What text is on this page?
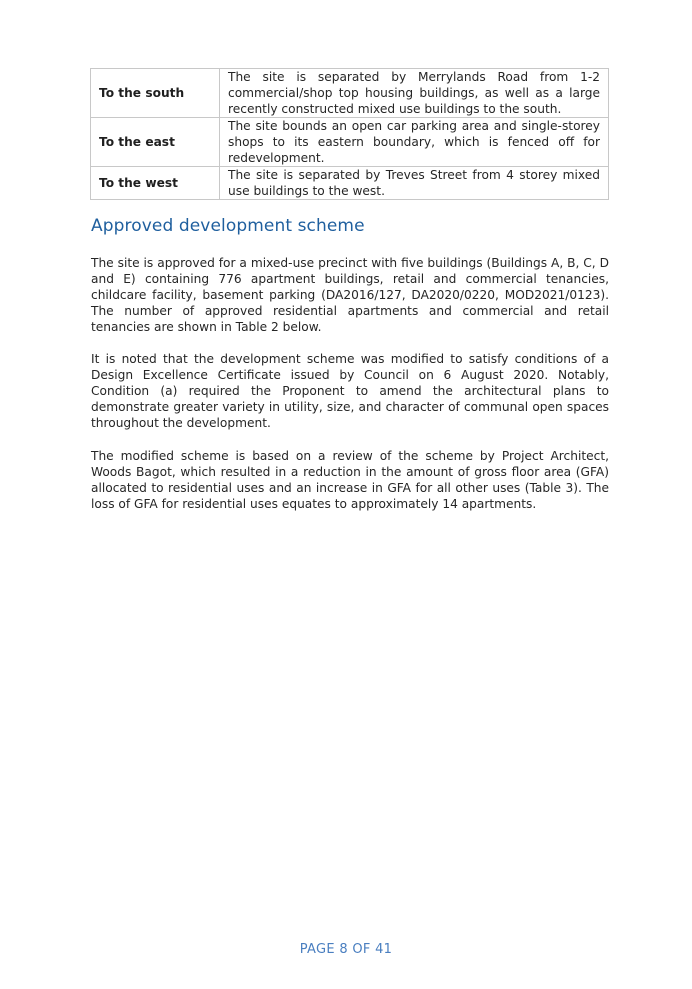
To the south	The site is separated by Merrylands Road from 1-2 commercial/shop top housing buildings, as well as a large recently constructed mixed use buildings to the south.
To the east	The site bounds an open car parking area and single-storey shops to its eastern boundary, which is fenced off for redevelopment.
To the west	The site is separated by Treves Street from 4 storey mixed use buildings to the west.
Approved development scheme

The site is approved for a mixed-use precinct with five buildings (Buildings A, B, C, D and E) containing 776 apartment buildings, retail and commercial tenancies, childcare facility, basement parking (DA2016/127, DA2020/0220, MOD2021/0123). The number of approved residential apartments and commercial and retail tenancies are shown in Table 2 below.

It is noted that the development scheme was modified to satisfy conditions of a Design Excellence Certificate issued by Council on 6 August 2020. Notably, Condition (a) required the Proponent to amend the architectural plans to demonstrate greater variety in utility, size, and character of communal open spaces throughout the development.

The modified scheme is based on a review of the scheme by Project Architect, Woods Bagot, which resulted in a reduction in the amount of gross floor area (GFA) allocated to residential uses and an increase in GFA for all other uses (Table 3). The loss of GFA for residential uses equates to approximately 14 apartments.

PAGE 8 OF 41
